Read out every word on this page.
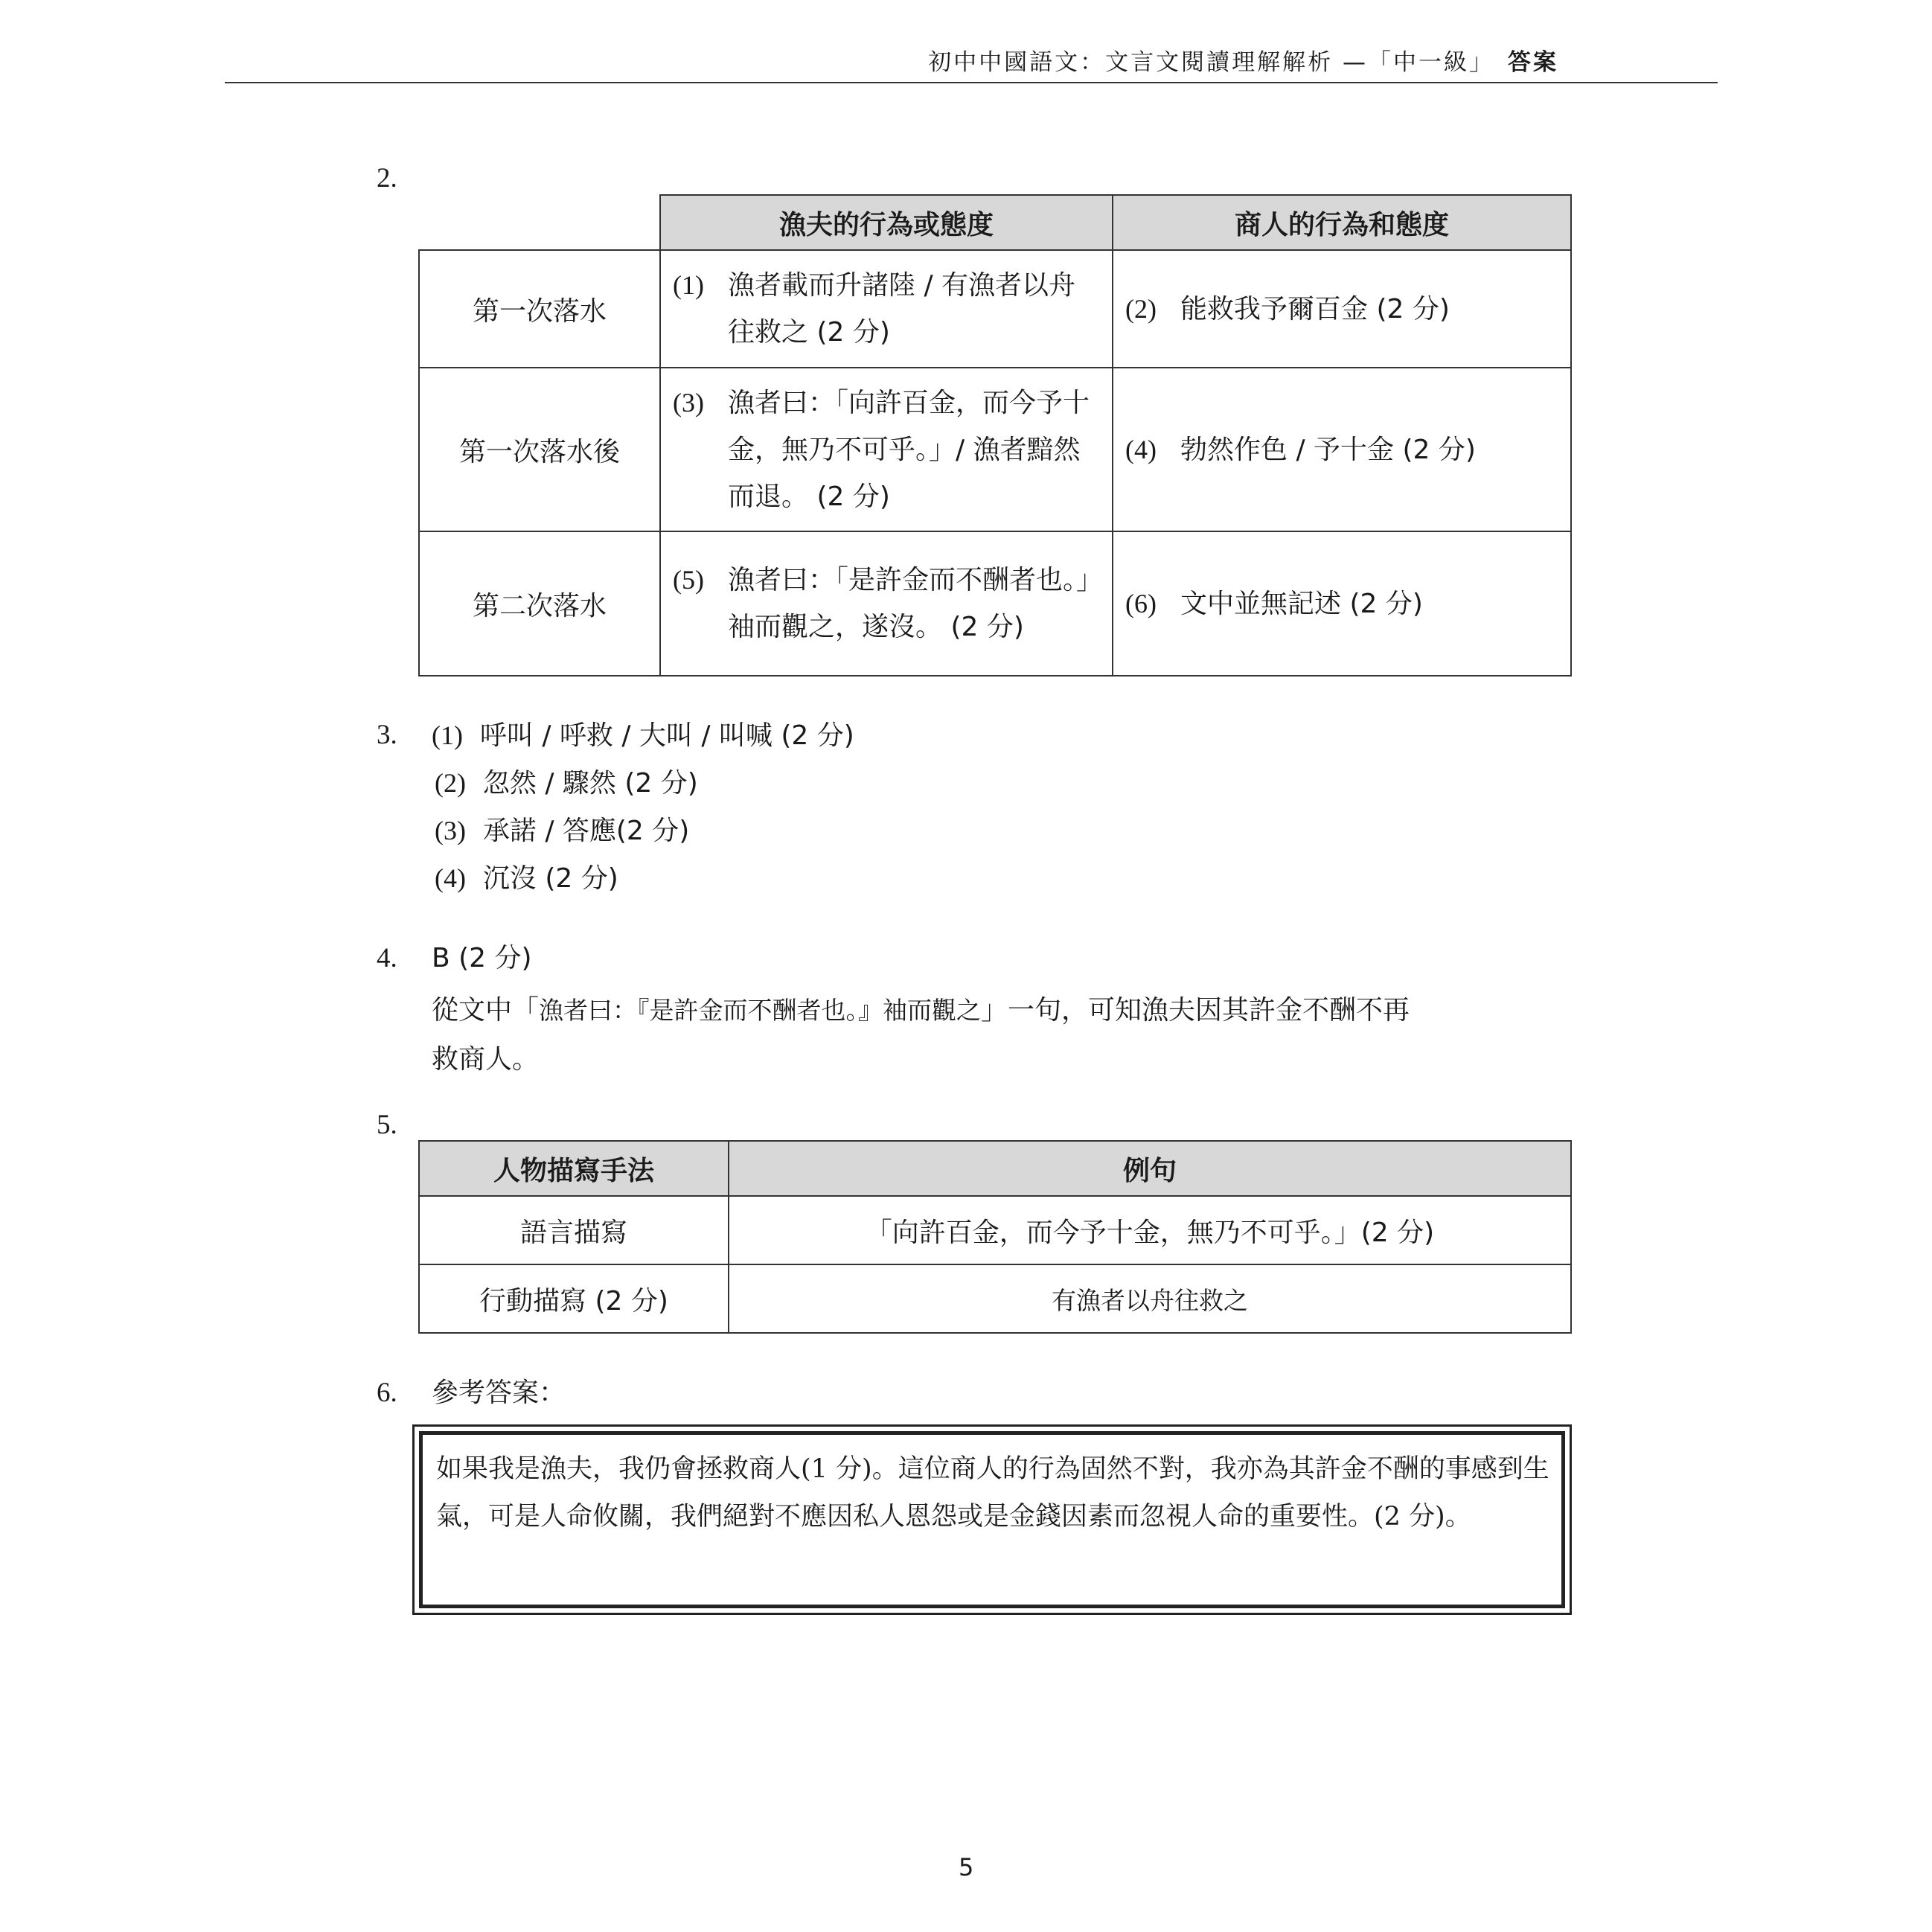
初中中國語文：文言文閱讀理解解析 —「中一級」 答案
2.
	漁夫的行為或態度	商人的行為和態度
第一次落水	(1) 漁者載而升諸陸 / 有漁者以舟往救之 (2 分)	(2) 能救我予爾百金 (2 分)

第一次落水後	(3) 漁者曰：「向許百金，而今予十金，無乃不可乎。」/ 漁者黯然而退。 (2 分)	(4) 勃然作色 / 予十金 (2 分)

第二次落水	(5) 漁者曰：「是許金而不酬者也。」袖而觀之，遂沒。 (2 分)	(6) 文中並無記述 (2 分)
3. (1) 呼叫 / 呼救 / 大叫 / 叫喊 (2 分)
(2) 忽然 / 驟然 (2 分)
(3) 承諾 / 答應(2 分)
(4) 沉沒 (2 分)
4. B (2 分)
從文中「漁者曰：『是許金而不酬者也。』袖而觀之」一句，可知漁夫因其許金不酬不再
救商人。
5.
人物描寫手法	例句
語言描寫	「向許百金，而今予十金，無乃不可乎。」(2 分)
行動描寫 (2 分)	有漁者以舟往救之
6. 參考答案：
如果我是漁夫，我仍會拯救商人(1 分)。這位商人的行為固然不對，我亦為其許金不酬的事感到生氣，可是人命攸關，我們絕對不應因私人恩怨或是金錢因素而忽視人命的重要性。(2 分)。
5
